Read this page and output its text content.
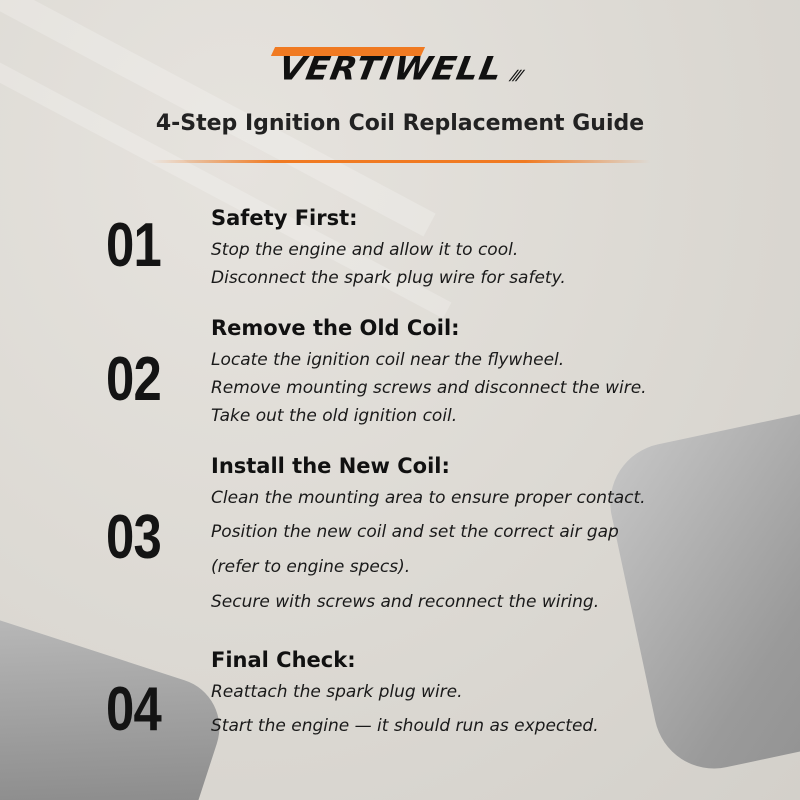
VERTIWELL ///
4-Step Ignition Coil Replacement Guide
01	Safety First:
Stop the engine and allow it to cool.
Disconnect the spark plug wire for safety.
02
Remove the Old Coil:
Locate the ignition coil near the flywheel.
Remove mounting screws and disconnect the wire.
Take out the old ignition coil.
03
Install the New Coil:
Clean the mounting area to ensure proper contact.
Position the new coil and set the correct air gap
(refer to engine specs).
Secure with screws and reconnect the wiring.
04
Final Check:
Reattach the spark plug wire.
Start the engine — it should run as expected.
